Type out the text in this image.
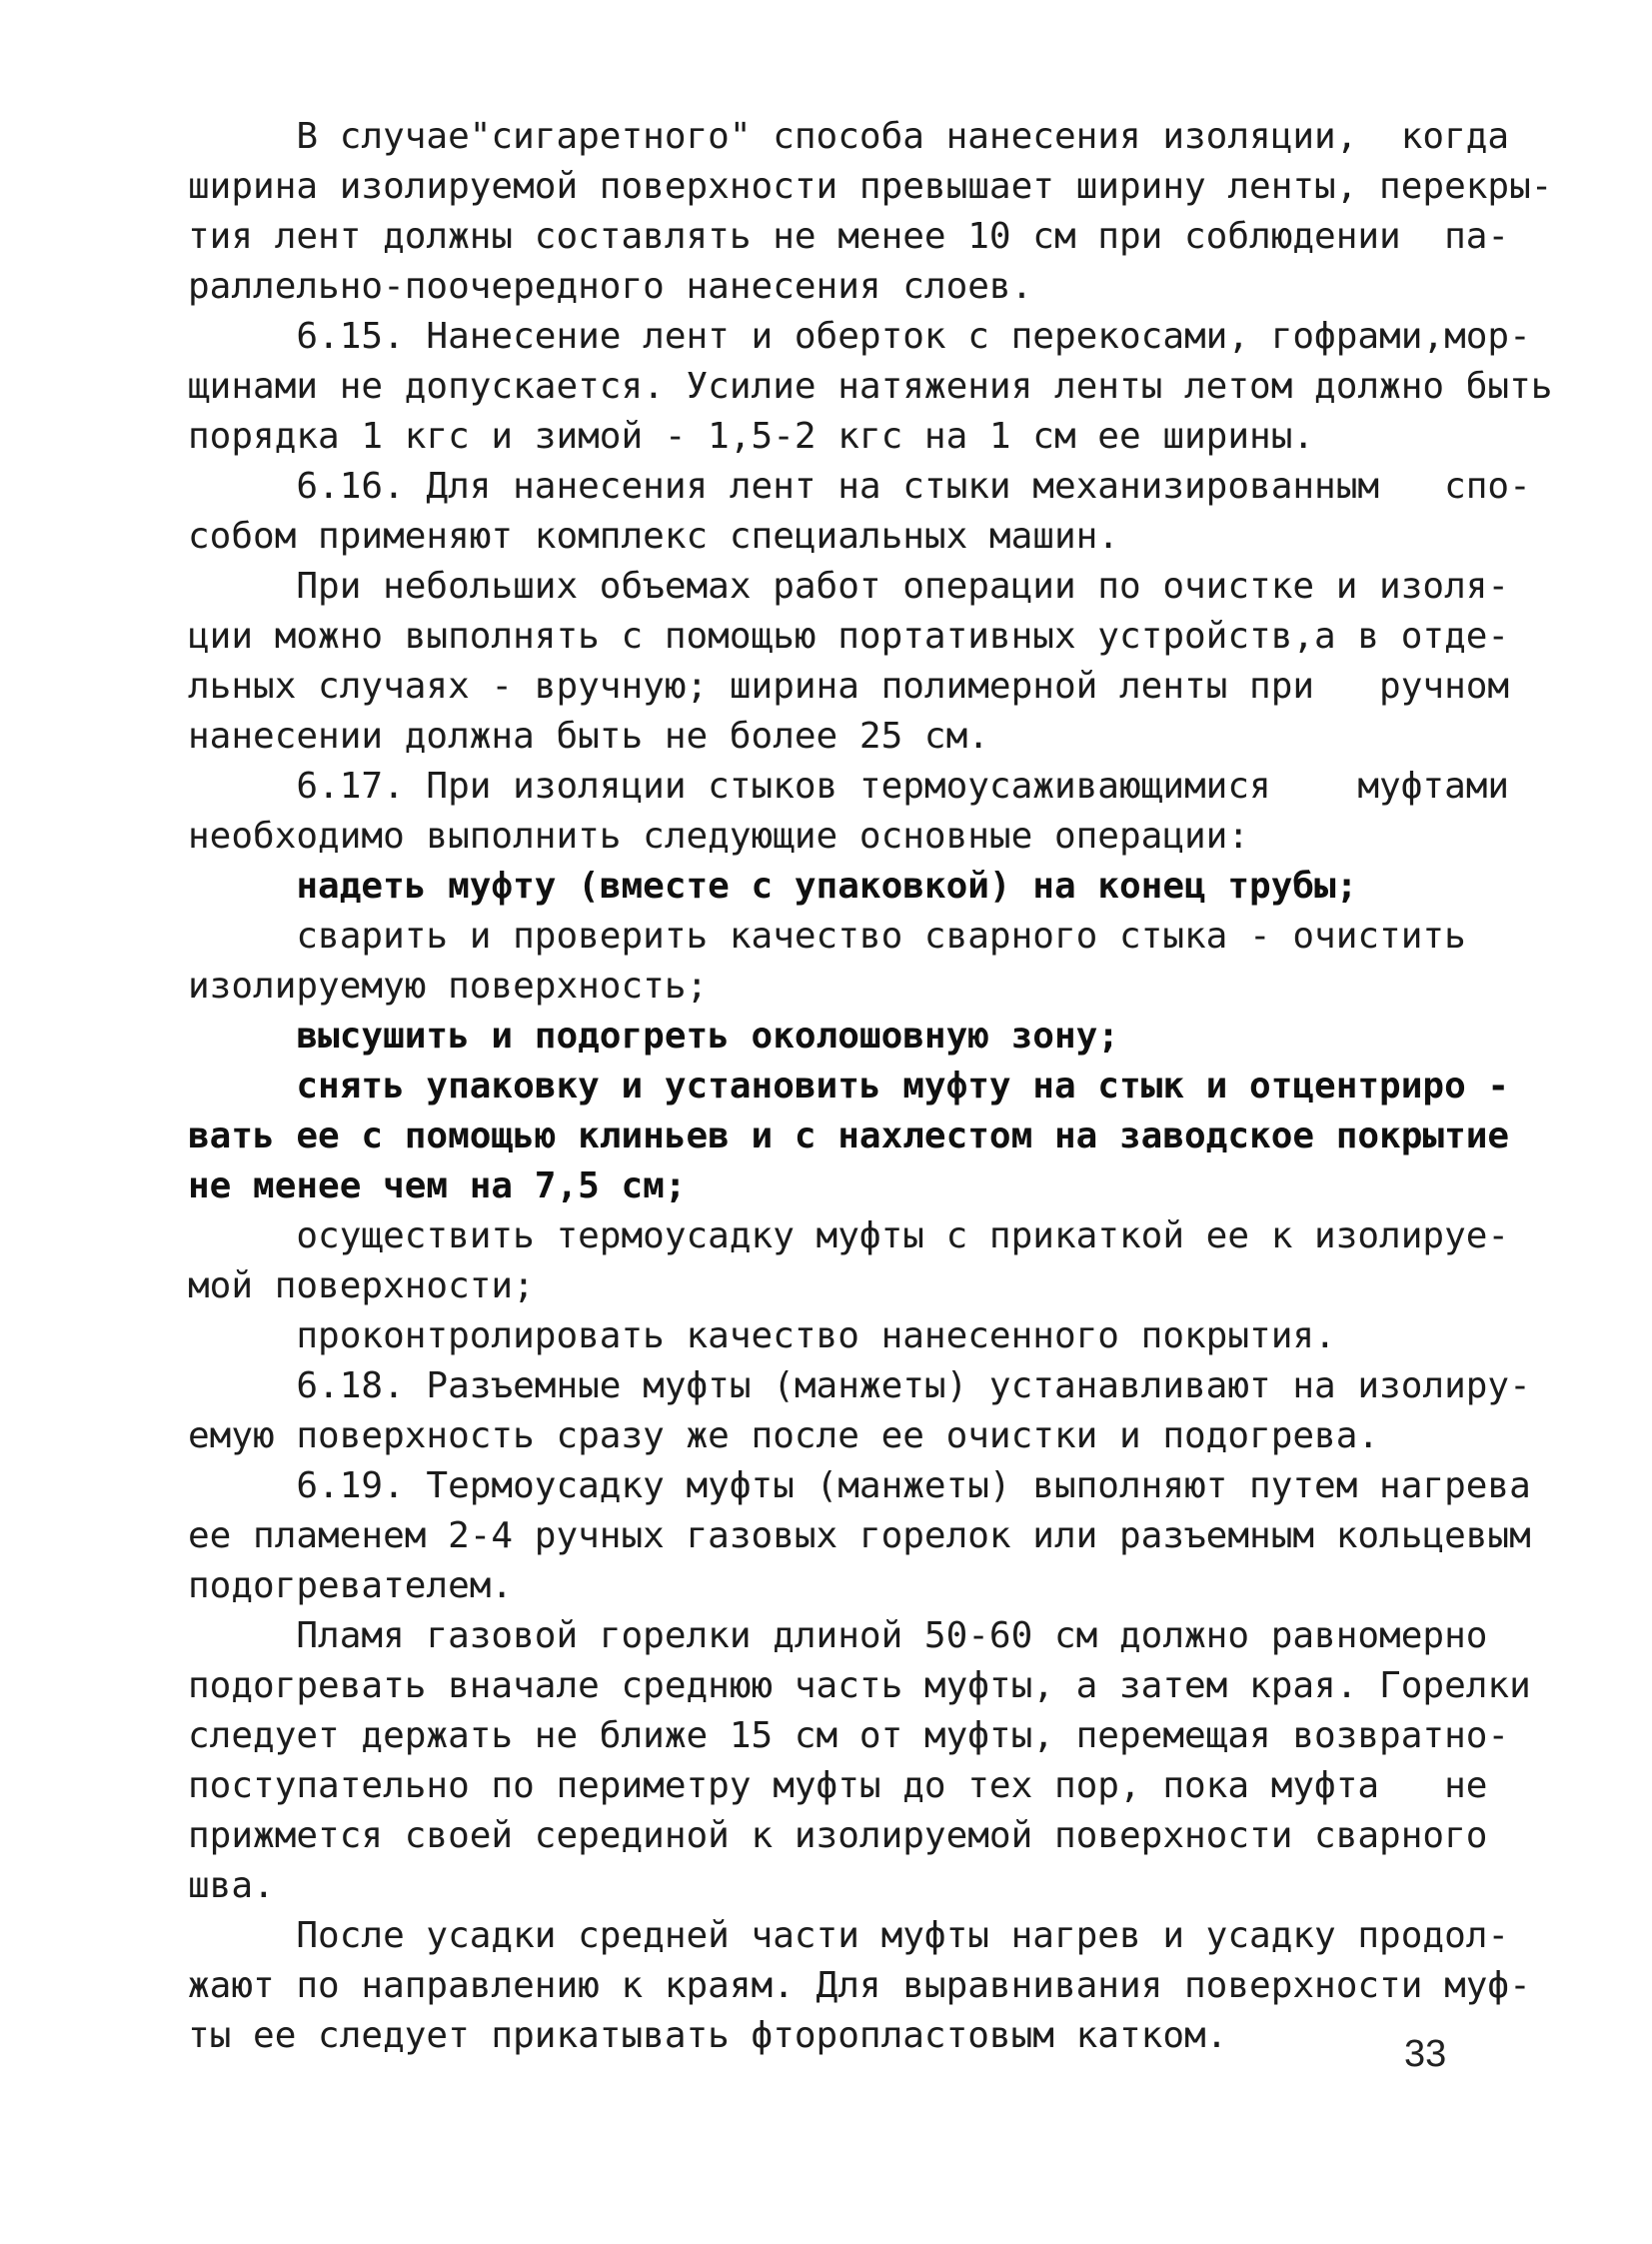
В случае"сигаретного" способа нанесения изоляции,  когда
ширина изолируемой поверхности превышает ширину ленты, перекры-
тия лент должны составлять не менее 10 см при соблюдении  па-
раллельно-поочередного нанесения слоев.
6.15. Нанесение лент и оберток с перекосами, гофрами,мор-
щинами не допускается. Усилие натяжения ленты летом должно быть
порядка 1 кгс и зимой - 1,5-2 кгс на 1 см ее ширины.
6.16. Для нанесения лент на стыки механизированным   спо-
собом применяют комплекс специальных машин.
При небольших объемах работ операции по очистке и изоля-
ции можно выполнять с помощью портативных устройств,а в отде-
льных случаях - вручную; ширина полимерной ленты при   ручном
нанесении должна быть не более 25 см.
6.17. При изоляции стыков термоусаживающимися    муфтами
необходимо выполнить следующие основные операции:
надеть муфту (вместе с упаковкой) на конец трубы;
сварить и проверить качество сварного стыка - очистить
изолируемую поверхность;
высушить и подогреть околошовную зону;
снять упаковку и установить муфту на стык и отцентриро -
вать ее с помощью клиньев и с нахлестом на заводское покрытие
не менее чем на 7,5 см;
осуществить термоусадку муфты с прикаткой ее к изолируе-
мой поверхности;
проконтролировать качество нанесенного покрытия.
6.18. Разъемные муфты (манжеты) устанавливают на изолиру-
емую поверхность сразу же после ее очистки и подогрева.
6.19. Термоусадку муфты (манжеты) выполняют путем нагрева
ее пламенем 2-4 ручных газовых горелок или разъемным кольцевым
подогревателем.
Пламя газовой горелки длиной 50-60 см должно равномерно
подогревать вначале среднюю часть муфты, а затем края. Горелки
следует держать не ближе 15 см от муфты, перемещая возвратно-
поступательно по периметру муфты до тех пор, пока муфта   не
прижмется своей серединой к изолируемой поверхности сварного
шва.
После усадки средней части муфты нагрев и усадку продол-
жают по направлению к краям. Для выравнивания поверхности муф-
ты ее следует прикатывать фторопластовым катком.	33
